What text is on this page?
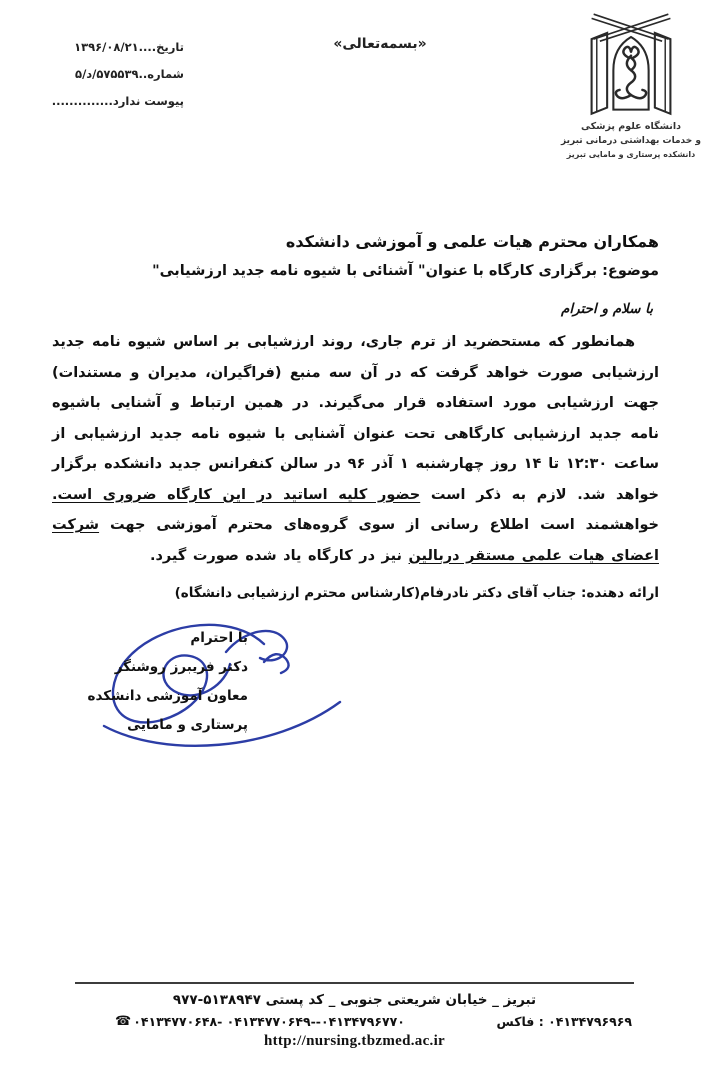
تاریخ....۱۳۹۶/۰۸/۲۱
شماره..۵۷۵۵۳۹/د/۵
پیوست ندارد..............
«بسمه‌تعالی»
دانشگاه علوم پزشکی
و خدمات بهداشتی درمانی تبریز
دانشکده پرستاری و مامایی تبریز
همکاران محترم هیات علمی و آموزشی دانشکده
موضوع: برگزاری کارگاه با عنوان" آشنائی با شیوه نامه جدید ارزشیابی"
با سلام و احترام

همانطور که مستحضرید از ترم جاری، روند ارزشیابی بر اساس شیوه نامه جدید ارزشیابی صورت خواهد گرفت که در آن سه منبع (فراگیران، مدیران و مستندات) جهت ارزشیابی مورد استفاده قرار می‌گیرند. در همین ارتباط و آشنایی باشیوه نامه جدید ارزشیابی کارگاهی تحت عنوان آشنایی با شیوه نامه جدید ارزشیابی از ساعت ۱۲:۳۰ تا ۱۴ روز چهارشنبه ۱ آذر ۹۶ در سالن کنفرانس جدید دانشکده برگزار خواهد شد. لازم به ذکر است حضور کلیه اساتید در این کارگاه ضروری است. خواهشمند است اطلاع رسانی از سوی گروه‌های محترم آموزشی جهت شرکت اعضای هیات علمی مستقر دربالین نیز در کارگاه یاد شده صورت گیرد.

ارائه دهنده: جناب آقای دکتر نادرفام(کارشناس محترم ارزشیابی دانشگاه)
با احترام
دکتر فریبرز روشنگر
معاون آموزشی دانشکده
پرستاری و مامایی
تبریز _ خیابان شریعتی جنوبی _ کد پستی ۵۱۳۸۹۴۷-۹۷۷
☎ ۰۴۱۳۴۷۷۰۶۴۸- ۰۴۱۳۴۷۷۰۶۴۹--۰۴۱۳۴۷۹۶۷۷۰	۰۴۱۳۴۷۹۶۹۶۹ : فاکس
http://nursing.tbzmed.ac.ir
